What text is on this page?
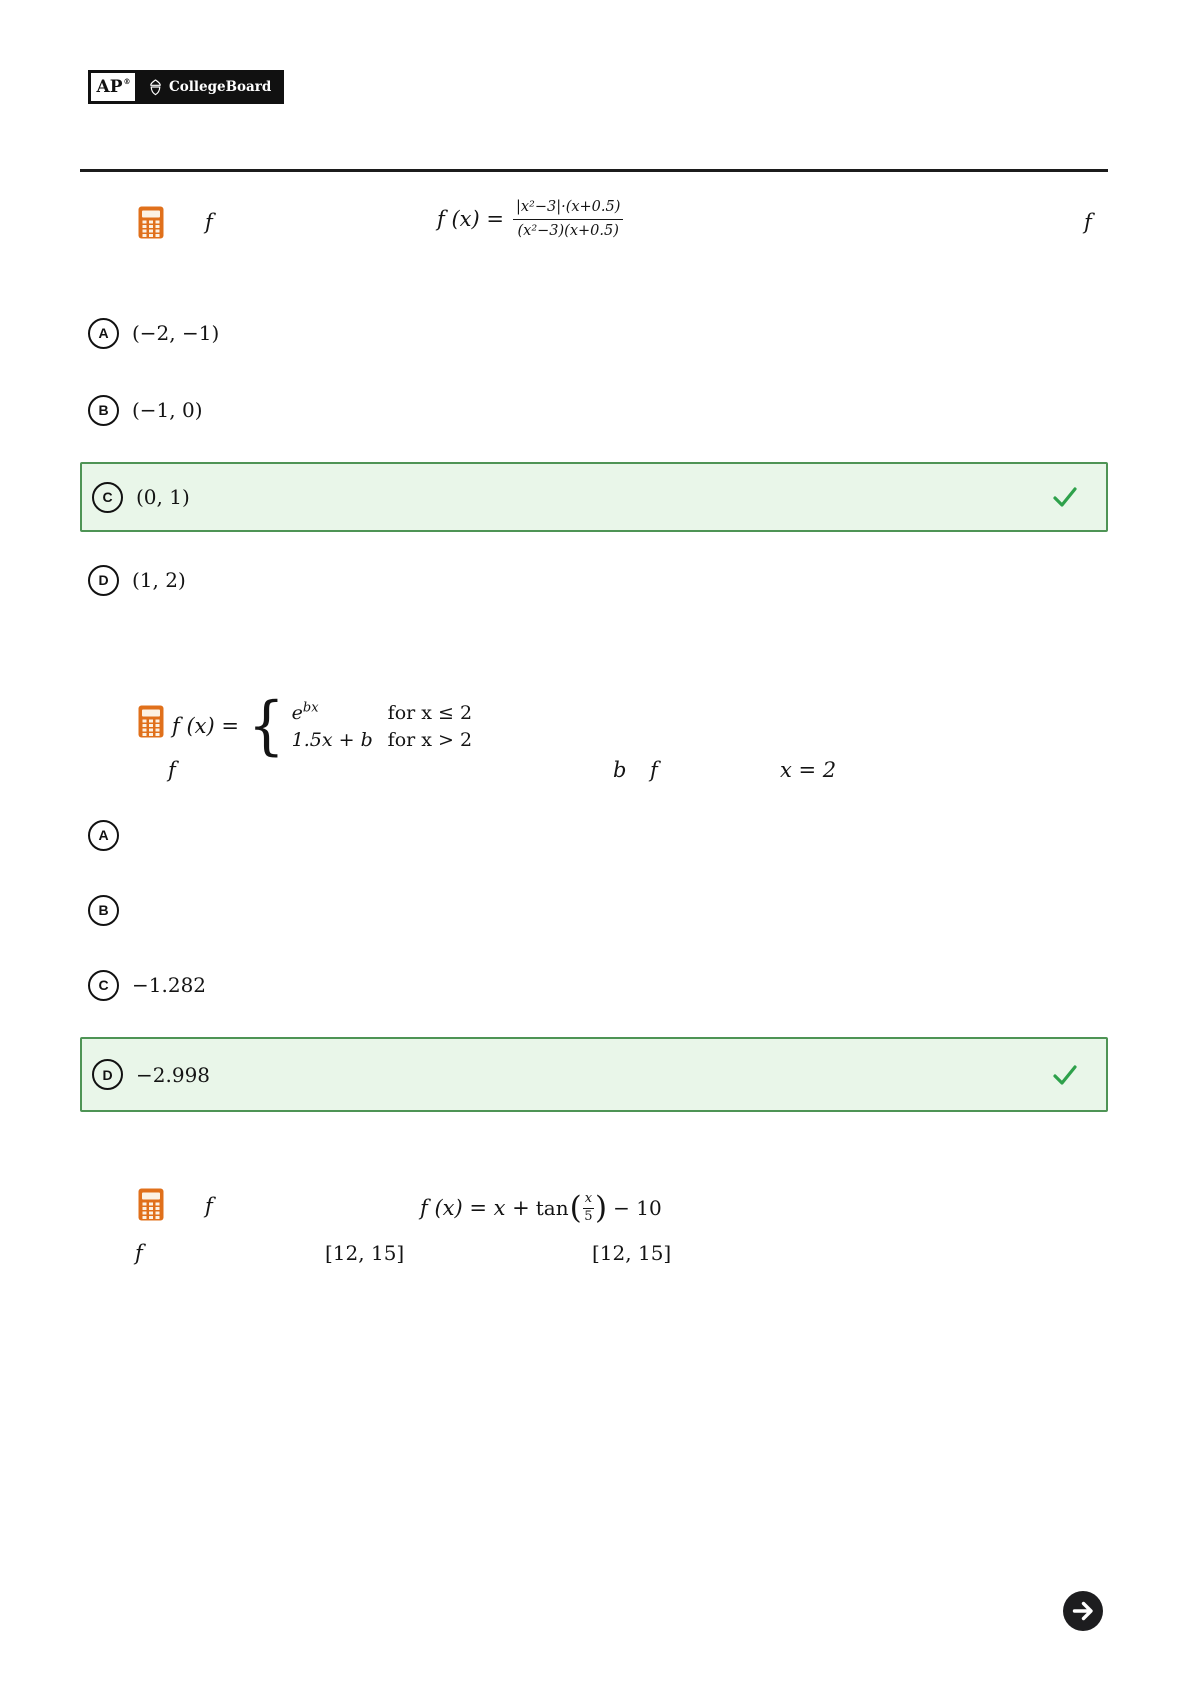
AP®	CollegeBoard
f	f $(x) = \frac{\text{|x²−3|·(x+0.5)}}{\text{(x²−3)(x+0.5)}}$	f
A	(−2, −1)
B	(−1, 0)
C	(0, 1)
D	(1, 2)
f (x) = { $e^{bx}$	for x ≤ 2
1.5x + b for x > 2
f	b f	x = 2
A
B
C	−1.282
D	−2.998
f	f (x) = x + tan ( $\frac{x}{5}$ ) − 10
f	[12, 15]	[12, 15]
